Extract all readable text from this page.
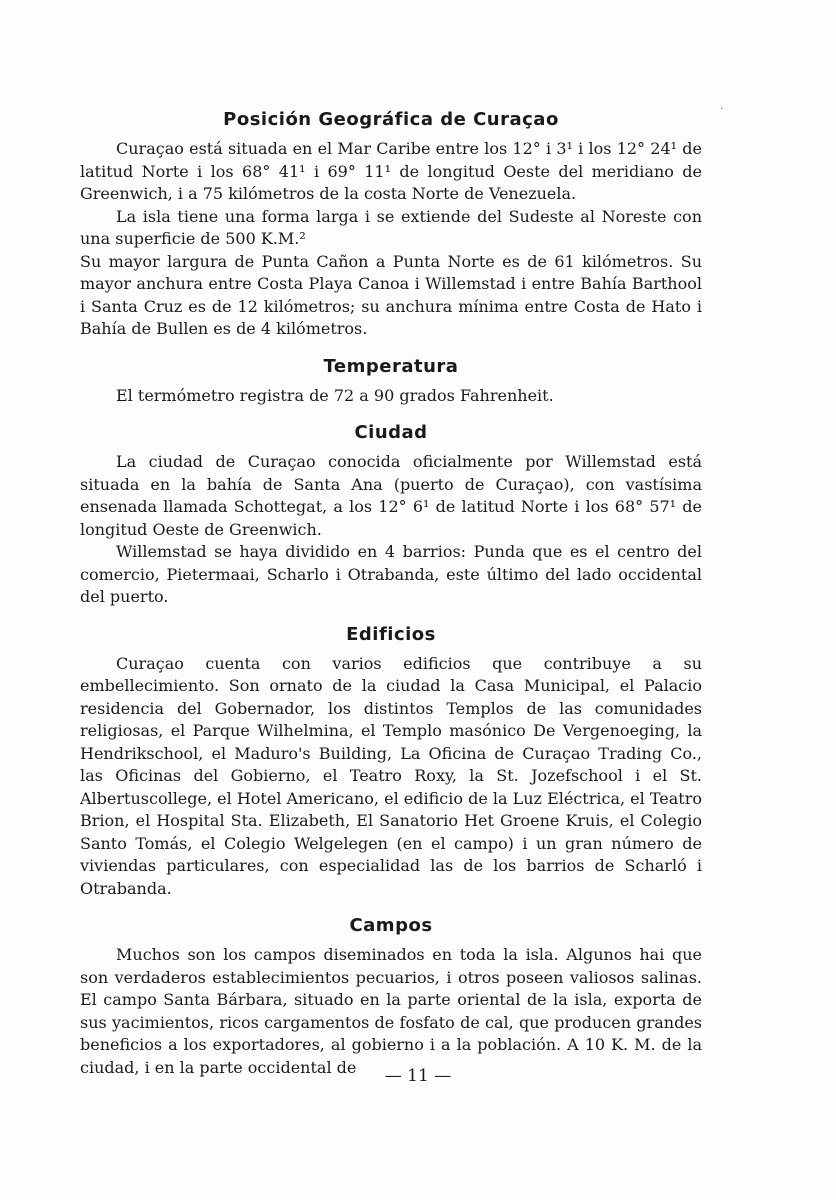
·
Posición Geográfica de Curaçao

Curaçao está situada en el Mar Caribe entre los 12° i 3¹ i los 12° 24¹ de latitud Norte i los 68° 41¹ i 69° 11¹ de longitud Oeste del meridiano de Greenwich, i a 75 kilómetros de la costa Norte de Venezuela.

La isla tiene una forma larga i se extiende del Sudeste al Noreste con una superficie de 500 K.M.²

Su mayor largura de Punta Cañon a Punta Norte es de 61 kilómetros. Su mayor anchura entre Costa Playa Canoa i Willemstad i entre Bahía Barthool i Santa Cruz es de 12 kilómetros; su anchura mínima entre Costa de Hato i Bahía de Bullen es de 4 kilómetros.

Temperatura

El termómetro registra de 72 a 90 grados Fahrenheit.

Ciudad

La ciudad de Curaçao conocida oficialmente por Willemstad está situada en la bahía de Santa Ana (puerto de Curaçao), con vastísima ensenada llamada Schottegat, a los 12° 6¹ de latitud Norte i los 68° 57¹ de longitud Oeste de Greenwich.

Willemstad se haya dividido en 4 barrios: Punda que es el centro del comercio, Pietermaai, Scharlo i Otrabanda, este último del lado occidental del puerto.

Edificios

Curaçao cuenta con varios edificios que contribuye a su embellecimiento. Son ornato de la ciudad la Casa Municipal, el Palacio residencia del Gobernador, los distintos Templos de las comunidades religiosas, el Parque Wilhelmina, el Templo masónico De Vergenoeging, la Hendrikschool, el Maduro's Building, La Oficina de Curaçao Trading Co., las Oficinas del Gobierno, el Teatro Roxy, la St. Jozefschool i el St. Albertuscollege, el Hotel Americano, el edificio de la Luz Eléctrica, el Teatro Brion, el Hospital Sta. Elizabeth, El Sanatorio Het Groene Kruis, el Colegio Santo Tomás, el Colegio Welgelegen (en el campo) i un gran número de viviendas particulares, con especialidad las de los barrios de Scharló i Otrabanda.

Campos

Muchos son los campos diseminados en toda la isla. Algunos hai que son verdaderos establecimientos pecuarios, i otros poseen valiosos salinas. El campo Santa Bárbara, situado en la parte oriental de la isla, exporta de sus yacimientos, ricos cargamentos de fosfato de cal, que producen grandes beneficios a los exportadores, al gobierno i a la población. A 10 K. M. de la ciudad, i en la parte occidental de	— 11 —
